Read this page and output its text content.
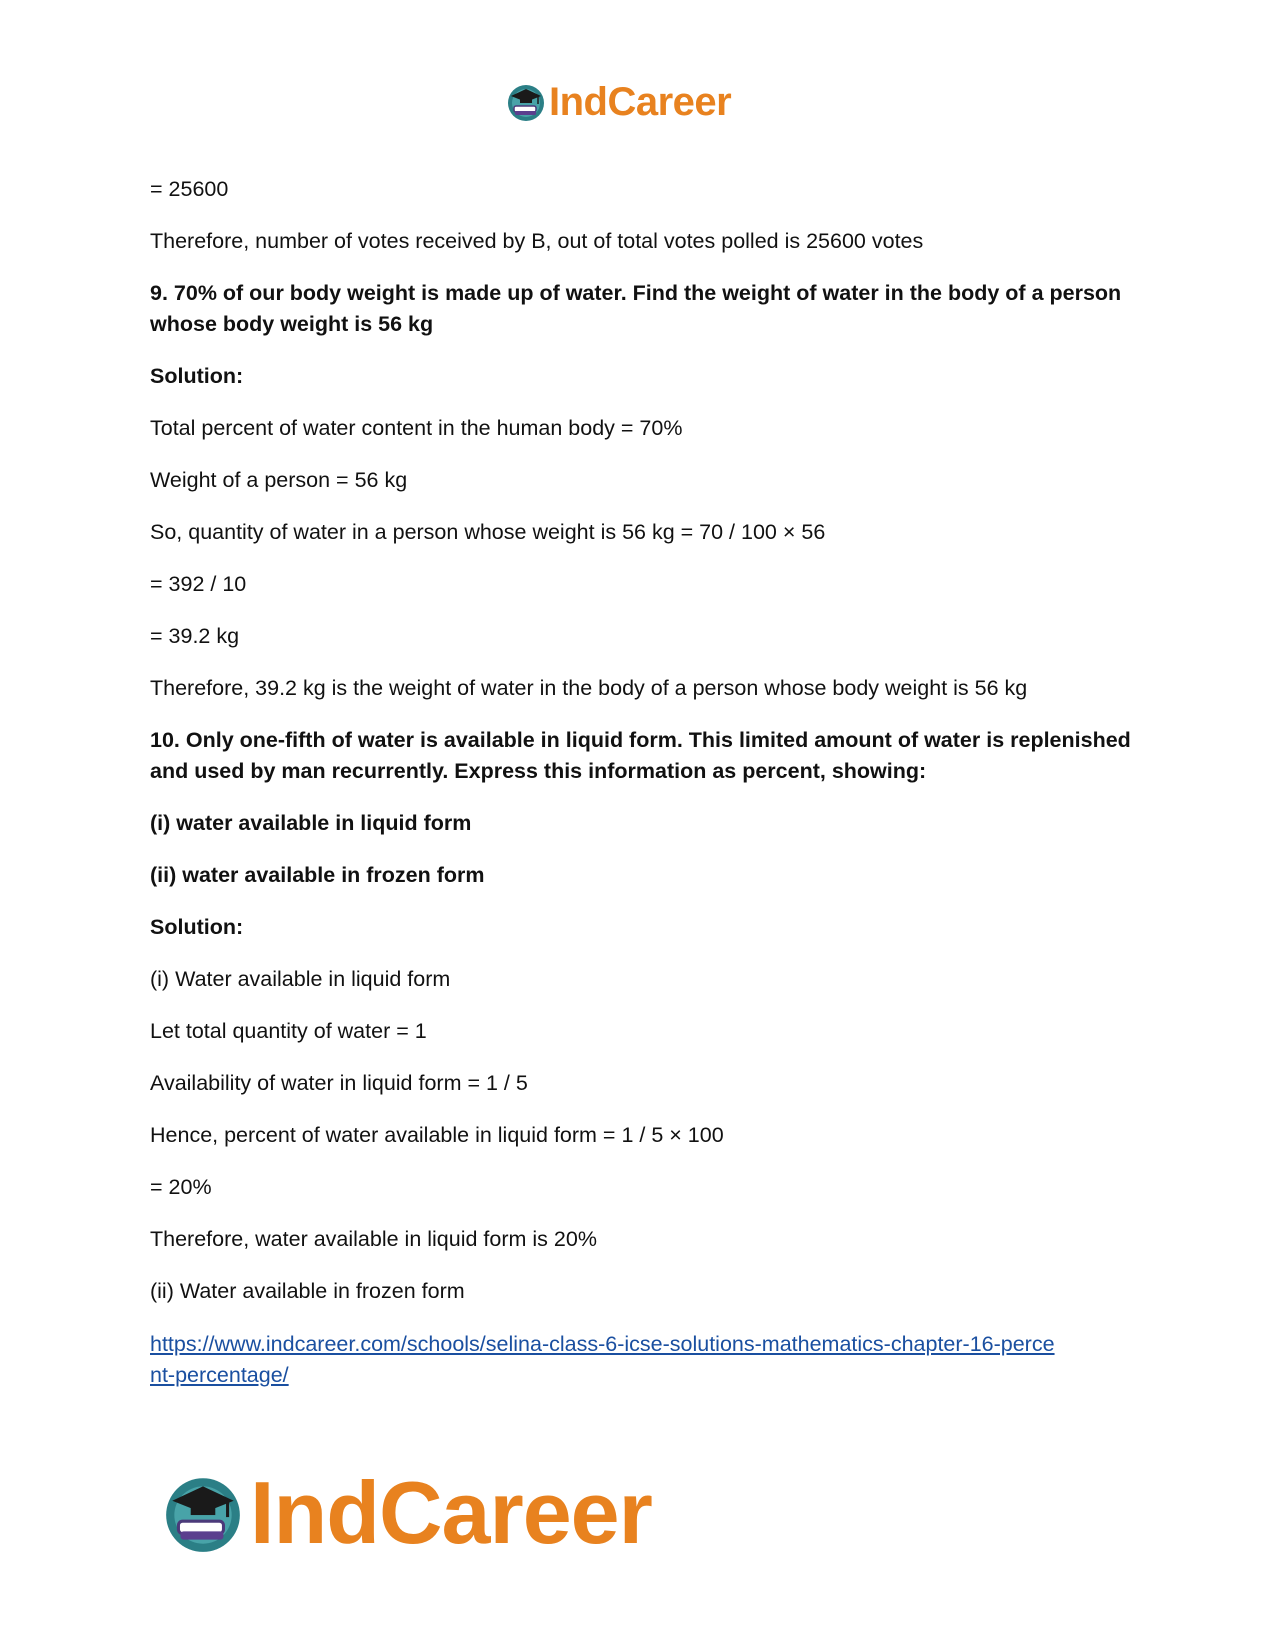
IndCareer

= 25600

Therefore, number of votes received by B, out of total votes polled is 25600 votes

9. 70% of our body weight is made up of water. Find the weight of water in the body of a person whose body weight is 56 kg

Solution:

Total percent of water content in the human body = 70%

Weight of a person = 56 kg

So, quantity of water in a person whose weight is 56 kg = 70 / 100 × 56

= 392 / 10

= 39.2 kg

Therefore, 39.2 kg is the weight of water in the body of a person whose body weight is 56 kg

10. Only one-fifth of water is available in liquid form. This limited amount of water is replenished and used by man recurrently. Express this information as percent, showing:

(i) water available in liquid form

(ii) water available in frozen form

Solution:

(i) Water available in liquid form

Let total quantity of water = 1

Availability of water in liquid form = 1 / 5

Hence, percent of water available in liquid form = 1 / 5 × 100

= 20%

Therefore, water available in liquid form is 20%

(ii) Water available in frozen form

https://www.indcareer.com/schools/selina-class-6-icse-solutions-mathematics-chapter-16-perce
nt-percentage/

IndCareer
